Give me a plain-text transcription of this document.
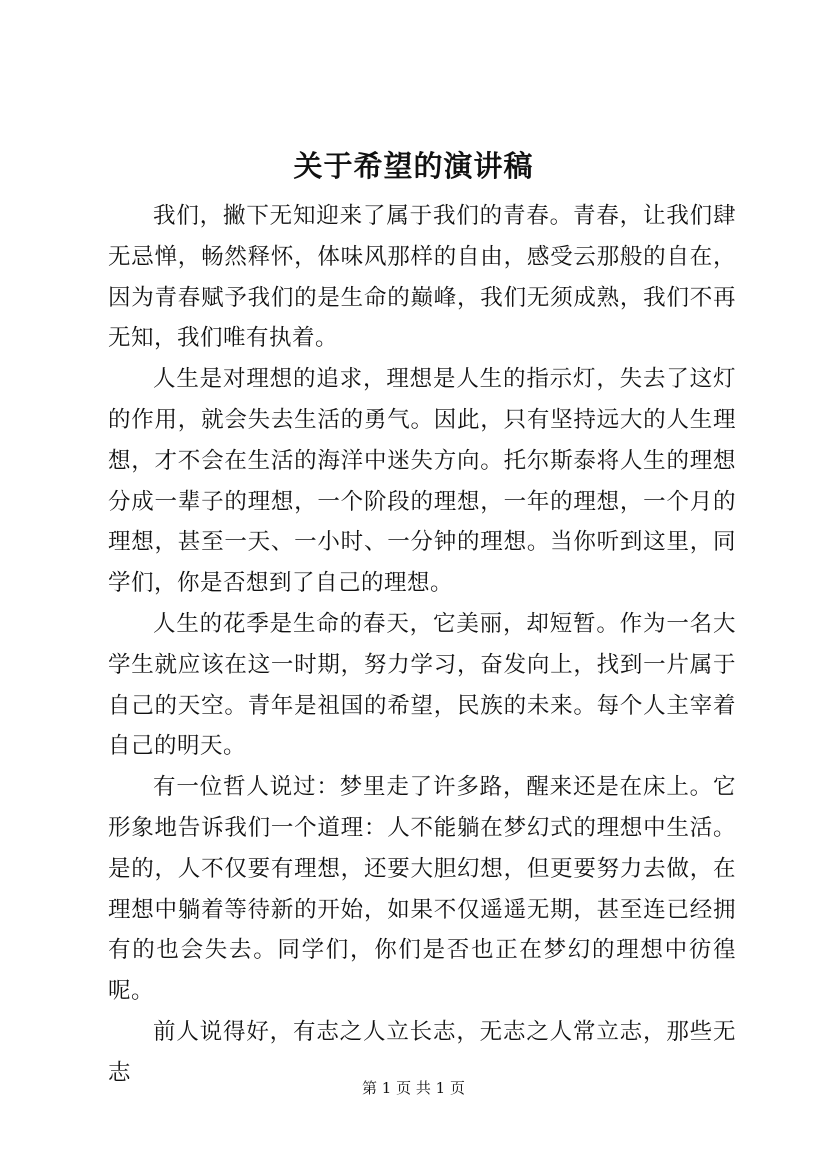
关于希望的演讲稿

我们，撇下无知迎来了属于我们的青春。青春，让我们肆无忌惮，畅然释怀，体味风那样的自由，感受云那般的自在，因为青春赋予我们的是生命的巅峰，我们无须成熟，我们不再无知，我们唯有执着。

人生是对理想的追求，理想是人生的指示灯，失去了这灯的作用，就会失去生活的勇气。因此，只有坚持远大的人生理想，才不会在生活的海洋中迷失方向。托尔斯泰将人生的理想分成一辈子的理想，一个阶段的理想，一年的理想，一个月的理想，甚至一天、一小时、一分钟的理想。当你听到这里，同学们，你是否想到了自己的理想。

人生的花季是生命的春天，它美丽，却短暂。作为一名大学生就应该在这一时期，努力学习，奋发向上，找到一片属于自己的天空。青年是祖国的希望，民族的未来。每个人主宰着自己的明天。

有一位哲人说过：梦里走了许多路，醒来还是在床上。它形象地告诉我们一个道理：人不能躺在梦幻式的理想中生活。是的，人不仅要有理想，还要大胆幻想，但更要努力去做，在理想中躺着等待新的开始，如果不仅遥遥无期，甚至连已经拥有的也会失去。同学们，你们是否也正在梦幻的理想中彷徨呢。

前人说得好，有志之人立长志，无志之人常立志，那些无志

第 1 页 共 1 页
